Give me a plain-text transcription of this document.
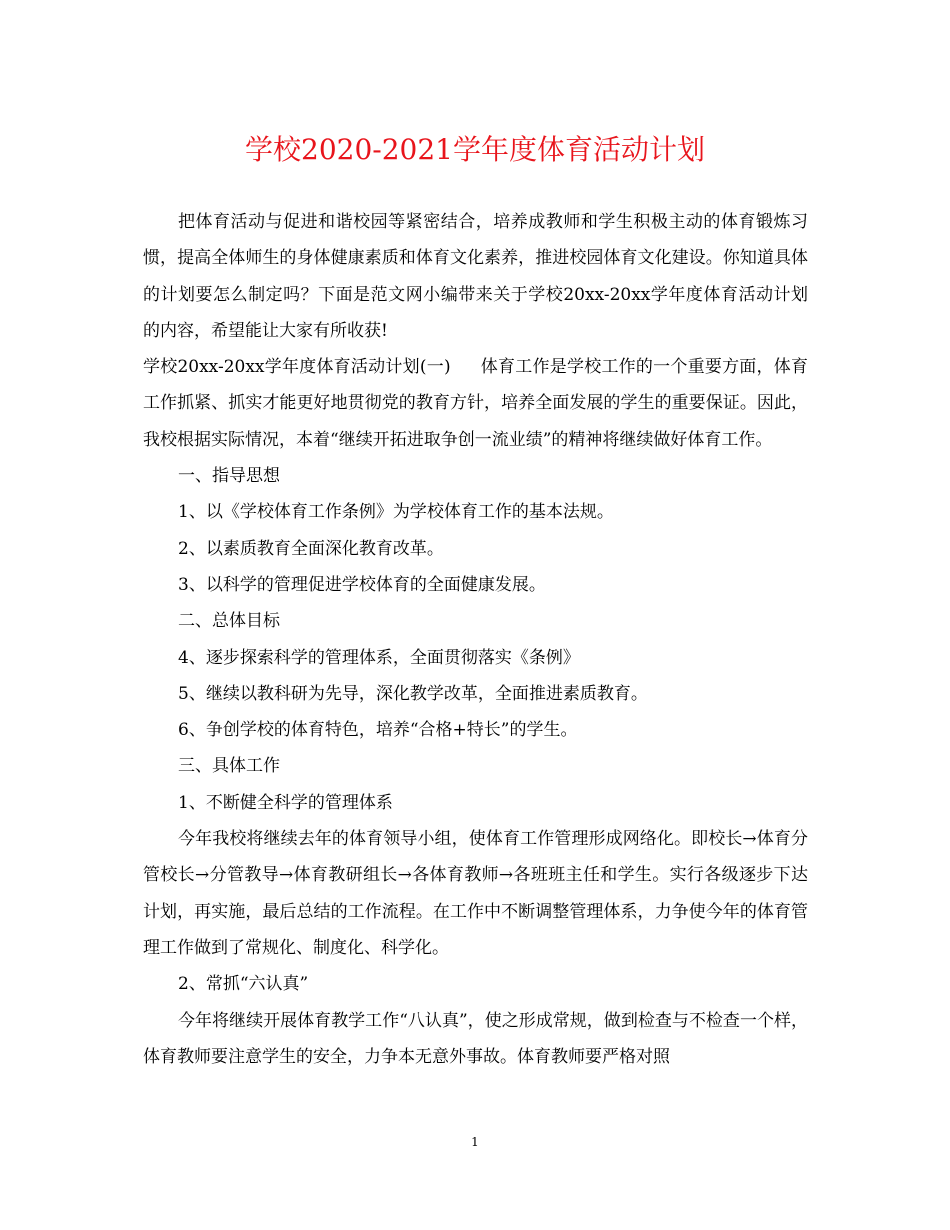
学校2020-2021学年度体育活动计划

把体育活动与促进和谐校园等紧密结合，培养成教师和学生积极主动的体育锻炼习惯，提高全体师生的身体健康素质和体育文化素养，推进校园体育文化建设。你知道具体的计划要怎么制定吗？下面是范文网小编带来关于学校20xx-20xx学年度体育活动计划的内容，希望能让大家有所收获!

学校20xx-20xx学年度体育活动计划(一) 体育工作是学校工作的一个重要方面，体育工作抓紧、抓实才能更好地贯彻党的教育方针，培养全面发展的学生的重要保证。因此，我校根据实际情况，本着“继续开拓进取争创一流业绩”的精神将继续做好体育工作。

一、指导思想

1、以《学校体育工作条例》为学校体育工作的基本法规。

2、以素质教育全面深化教育改革。

3、以科学的管理促进学校体育的全面健康发展。

二、总体目标

4、逐步探索科学的管理体系，全面贯彻落实《条例》

5、继续以教科研为先导，深化教学改革，全面推进素质教育。

6、争创学校的体育特色，培养“合格+特长”的学生。

三、具体工作

1、不断健全科学的管理体系

今年我校将继续去年的体育领导小组，使体育工作管理形成网络化。即校长→体育分管校长→分管教导→体育教研组长→各体育教师→各班班主任和学生。实行各级逐步下达计划，再实施，最后总结的工作流程。在工作中不断调整管理体系，力争使今年的体育管理工作做到了常规化、制度化、科学化。

2、常抓“六认真”

今年将继续开展体育教学工作“八认真”，使之形成常规，做到检查与不检查一个样，体育教师要注意学生的安全，力争本无意外事故。体育教师要严格对照

1
